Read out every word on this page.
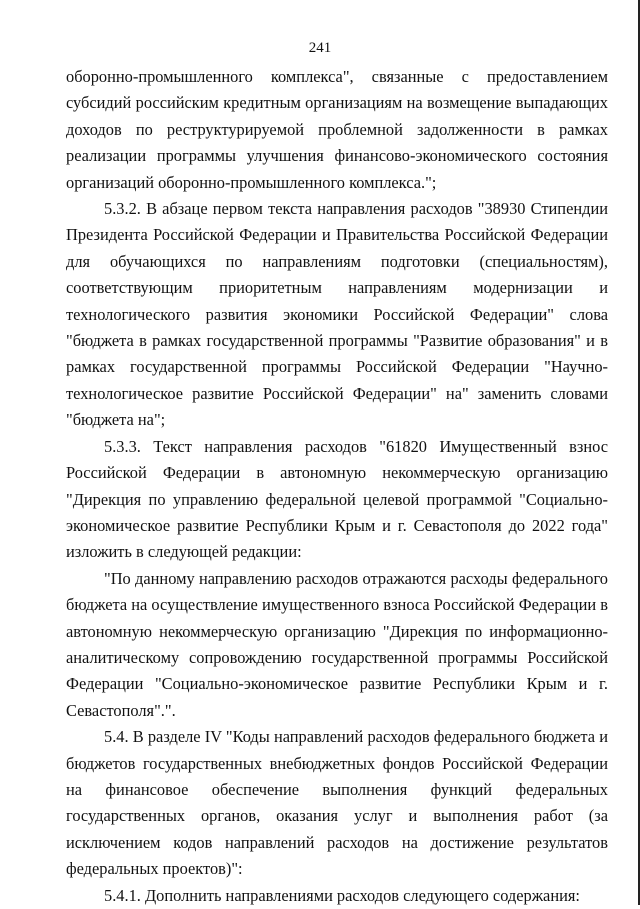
241

оборонно-промышленного комплекса", связанные с предоставлением субсидий российским кредитным организациям на возмещение выпадающих доходов по реструктурируемой проблемной задолженности в рамках реализации программы улучшения финансово-экономического состояния организаций оборонно-промышленного комплекса.";

5.3.2. В абзаце первом текста направления расходов "38930 Стипендии Президента Российской Федерации и Правительства Российской Федерации для обучающихся по направлениям подготовки (специальностям), соответствующим приоритетным направлениям модернизации и технологического развития экономики Российской Федерации" слова "бюджета в рамках государственной программы "Развитие образования" и в рамках государственной программы Российской Федерации "Научно-технологическое развитие Российской Федерации" на" заменить словами "бюджета на";

5.3.3. Текст направления расходов "61820 Имущественный взнос Российской Федерации в автономную некоммерческую организацию "Дирекция по управлению федеральной целевой программой "Социально-экономическое развитие Республики Крым и г. Севастополя до 2022 года" изложить в следующей редакции:

"По данному направлению расходов отражаются расходы федерального бюджета на осуществление имущественного взноса Российской Федерации в автономную некоммерческую организацию "Дирекция по информационно-аналитическому сопровождению государственной программы Российской Федерации "Социально-экономическое развитие Республики Крым и г. Севастополя".".

5.4. В разделе IV "Коды направлений расходов федерального бюджета и бюджетов государственных внебюджетных фондов Российской Федерации на финансовое обеспечение выполнения функций федеральных государственных органов, оказания услуг и выполнения работ (за исключением кодов направлений расходов на достижение результатов федеральных проектов)":

5.4.1. Дополнить направлениями расходов следующего содержания:
